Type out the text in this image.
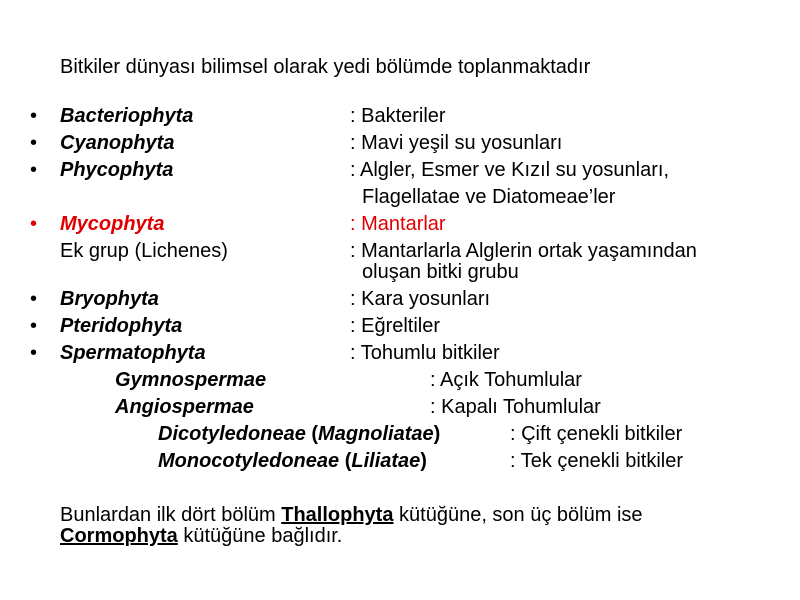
Bitkiler dünyası bilimsel olarak yedi bölümde toplanmaktadır
• Bacteriophyta	: Bakteriler
• Cyanophyta	: Mavi yeşil su yosunları
• Phycophyta	: Algler, Esmer ve Kızıl su yosunları,
Flagellatae ve Diatomeae’ler
• Mycophyta	: Mantarlar
Ek grup (Lichenes)	: Mantarlarla Alglerin ortak yaşamından
oluşan bitki grubu
• Bryophyta	: Kara yosunları
• Pteridophyta	: Eğreltiler
• Spermatophyta	: Tohumlu bitkiler
Gymnospermae	: Açık Tohumlular
Angiospermae	: Kapalı Tohumlular
Dicotyledoneae (Magnoliatae)	: Çift çenekli bitkiler
Monocotyledoneae (Liliatae)	: Tek çenekli bitkiler
Bunlardan ilk dört bölüm Thallophyta kütüğüne, son üç bölüm ise
Cormophyta kütüğüne bağlıdır.
